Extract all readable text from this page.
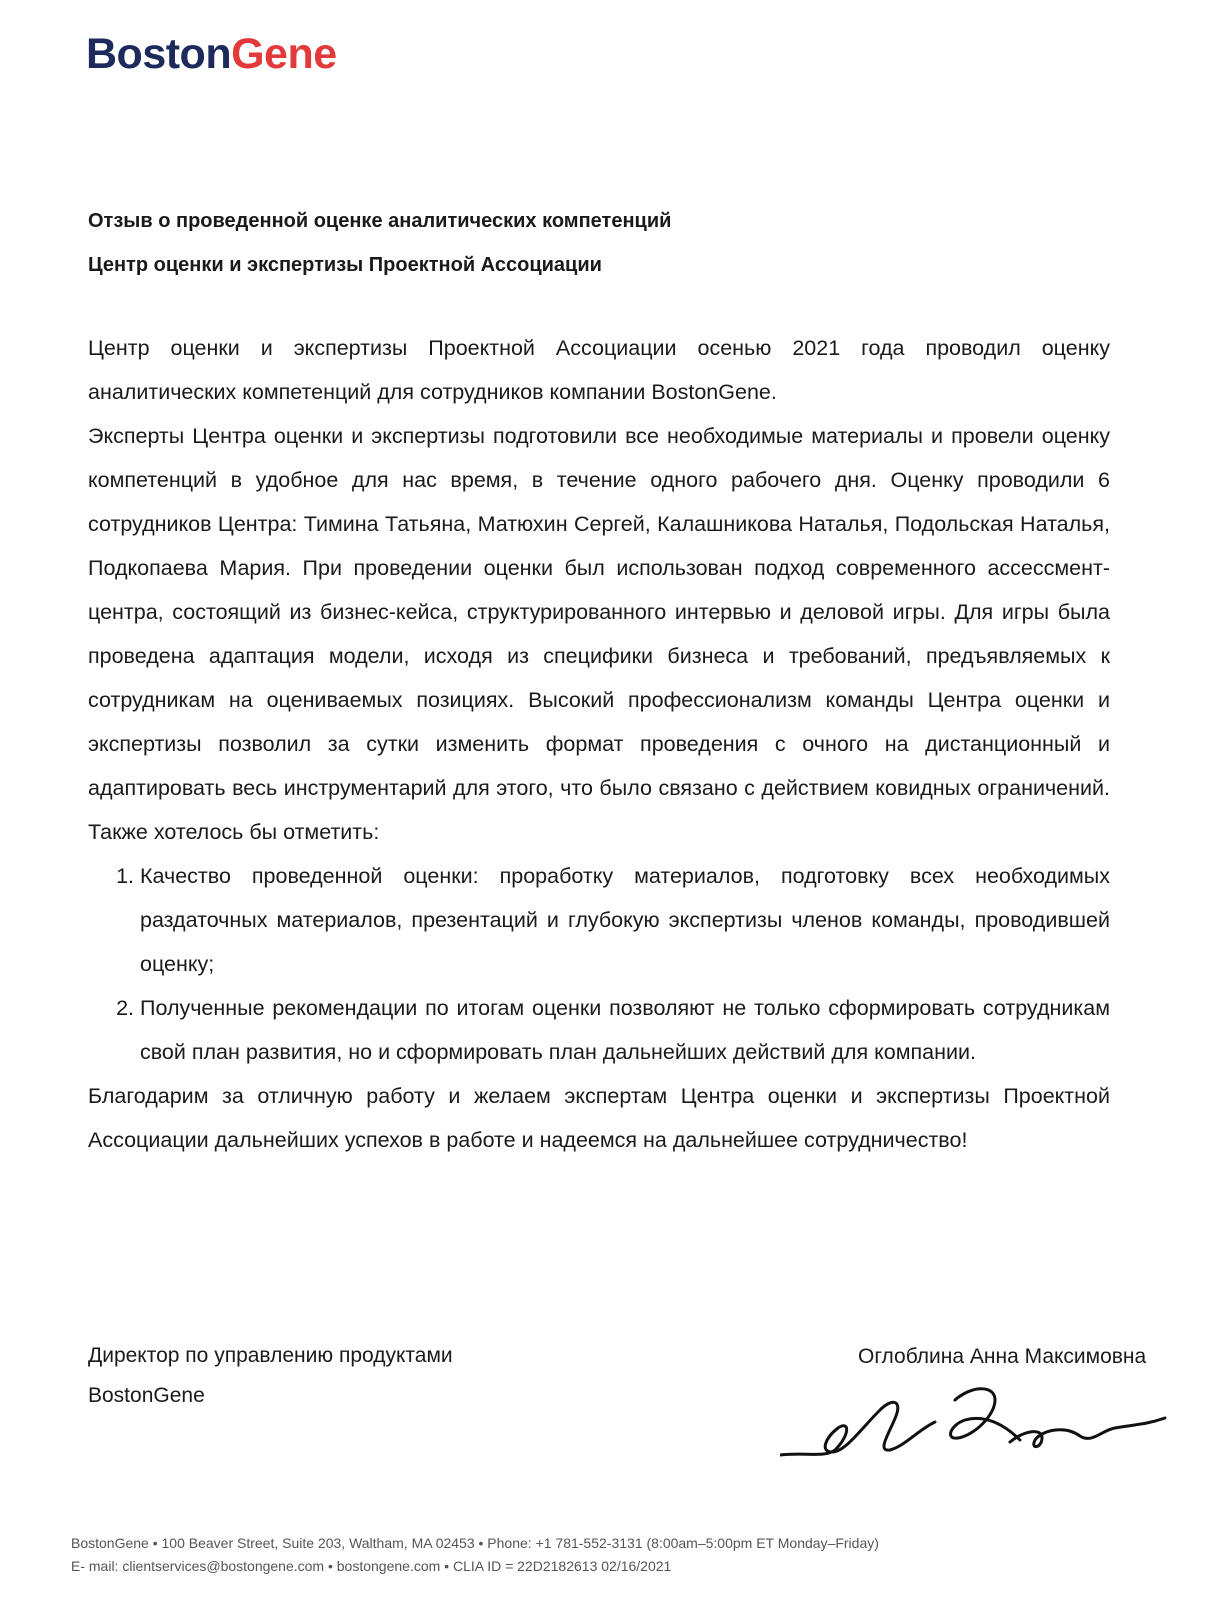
BostonGene
Отзыв о проведенной оценке аналитических компетенций
Центр оценки и экспертизы Проектной Ассоциации

Центр оценки и экспертизы Проектной Ассоциации осенью 2021 года проводил оценку аналитических компетенций для сотрудников компании BostonGene.

Эксперты Центра оценки и экспертизы подготовили все необходимые материалы и провели оценку компетенций в удобное для нас время, в течение одного рабочего дня. Оценку проводили 6 сотрудников Центра: Тимина Татьяна, Матюхин Сергей, Калашникова Наталья, Подольская Наталья, Подкопаева Мария. При проведении оценки был использован подход современного ассессмент-центра, состоящий из бизнес-кейса, структурированного интервью и деловой игры. Для игры была проведена адаптация модели, исходя из специфики бизнеса и требований, предъявляемых к сотрудникам на оцениваемых позициях. Высокий профессионализм команды Центра оценки и экспертизы позволил за сутки изменить формат проведения с очного на дистанционный и адаптировать весь инструментарий для этого, что было связано с действием ковидных ограничений. Также хотелось бы отметить:

1. Качество проведенной оценки: проработку материалов, подготовку всех необходимых раздаточных материалов, презентаций и глубокую экспертизы членов команды, проводившей оценку;
2. Полученные рекомендации по итогам оценки позволяют не только сформировать сотрудникам свой план развития, но и сформировать план дальнейших действий для компании.

Благодарим за отличную работу и желаем экспертам Центра оценки и экспертизы Проектной Ассоциации дальнейших успехов в работе и надеемся на дальнейшее сотрудничество!

Директор по управлению продуктами
BostonGene
Оглоблина Анна Максимовна
BostonGene • 100 Beaver Street, Suite 203, Waltham, MA 02453 • Phone: +1 781-552-3131 (8:00am–5:00pm ET Monday–Friday)
E- mail: clientservices@bostongene.com • bostongene.com • CLIA ID = 22D2182613 02/16/2021
